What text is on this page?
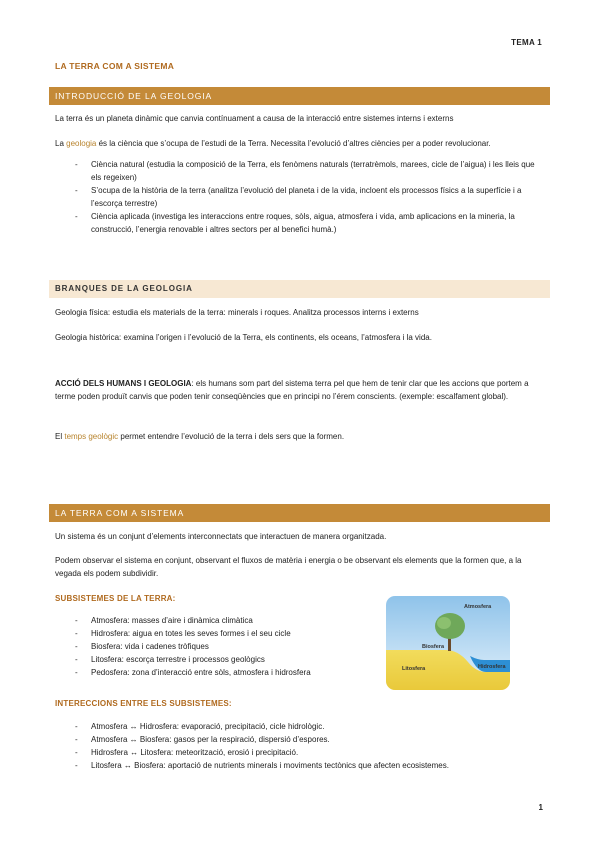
TEMA 1
LA TERRA COM A SISTEMA
INTRODUCCIÓ DE LA GEOLOGIA
La terra és un planeta dinàmic que canvia contínuament a causa de la interacció entre sistemes interns i externs
La geologia és la ciència que s’ocupa de l’estudi de la Terra. Necessita l’evolució d’altres ciències per a poder revolucionar.
- Ciència natural (estudia la composició de la Terra, els fenòmens naturals (terratrèmols, marees, cicle de l’aigua) i les lleis que els regeixen)
- S’ocupa de la història de la terra (analitza l’evolució del planeta i de la vida, incloent els processos físics a la superfície i a l’escorça terrestre)
- Ciència aplicada (investiga les interaccions entre roques, sòls, aigua, atmosfera i vida, amb aplicacions en la mineria, la construcció, l’energia renovable i altres sectors per al benefici humà.)
BRANQUES DE LA GEOLOGIA
Geologia física: estudia els materials de la terra: minerals i roques. Analitza processos interns i externs
Geologia històrica: examina l’origen i l’evolució de la Terra, els continents, els oceans, l’atmosfera i la vida.
ACCIÓ DELS HUMANS I GEOLOGIA: els humans som part del sistema terra pel que hem de tenir clar que les accions que portem a terme poden produït canvis que poden tenir conseqüències que en principi no l’érem conscients. (exemple: escalfament global).
El temps geològic permet entendre l’evolució de la terra i dels sers que la formen.
LA TERRA COM A SISTEMA
Un sistema és un conjunt d’elements interconnectats que interactuen de manera organitzada.
Podem observar el sistema en conjunt, observant el fluxos de matèria i energia o be observant els elements que la formen que, a la vegada els podem subdividir.
SUBSISTEMES DE LA TERRA:
- Atmosfera: masses d’aire i dinàmica climàtica
- Hidrosfera: aigua en totes les seves formes i el seu cicle
- Biosfera: vida i cadenes tròfiques
- Litosfera: escorça terrestre i processos geològics
- Pedosfera: zona d’interacció entre sòls, atmosfera i hidrosfera
Atmosfera
Biosfera
Litosfera	Hidrosfera
INTERECCIONS ENTRE ELS SUBSISTEMES:
- Atmosfera ↔ Hidrosfera: evaporació, precipitació, cicle hidrològic.
- Atmosfera ↔ Biosfera: gasos per la respiració, dispersió d’espores.
- Hidrosfera ↔ Litosfera: meteorització, erosió i precipitació.
- Litosfera ↔ Biosfera: aportació de nutrients minerals i moviments tectònics que afecten ecosistemes.
1
